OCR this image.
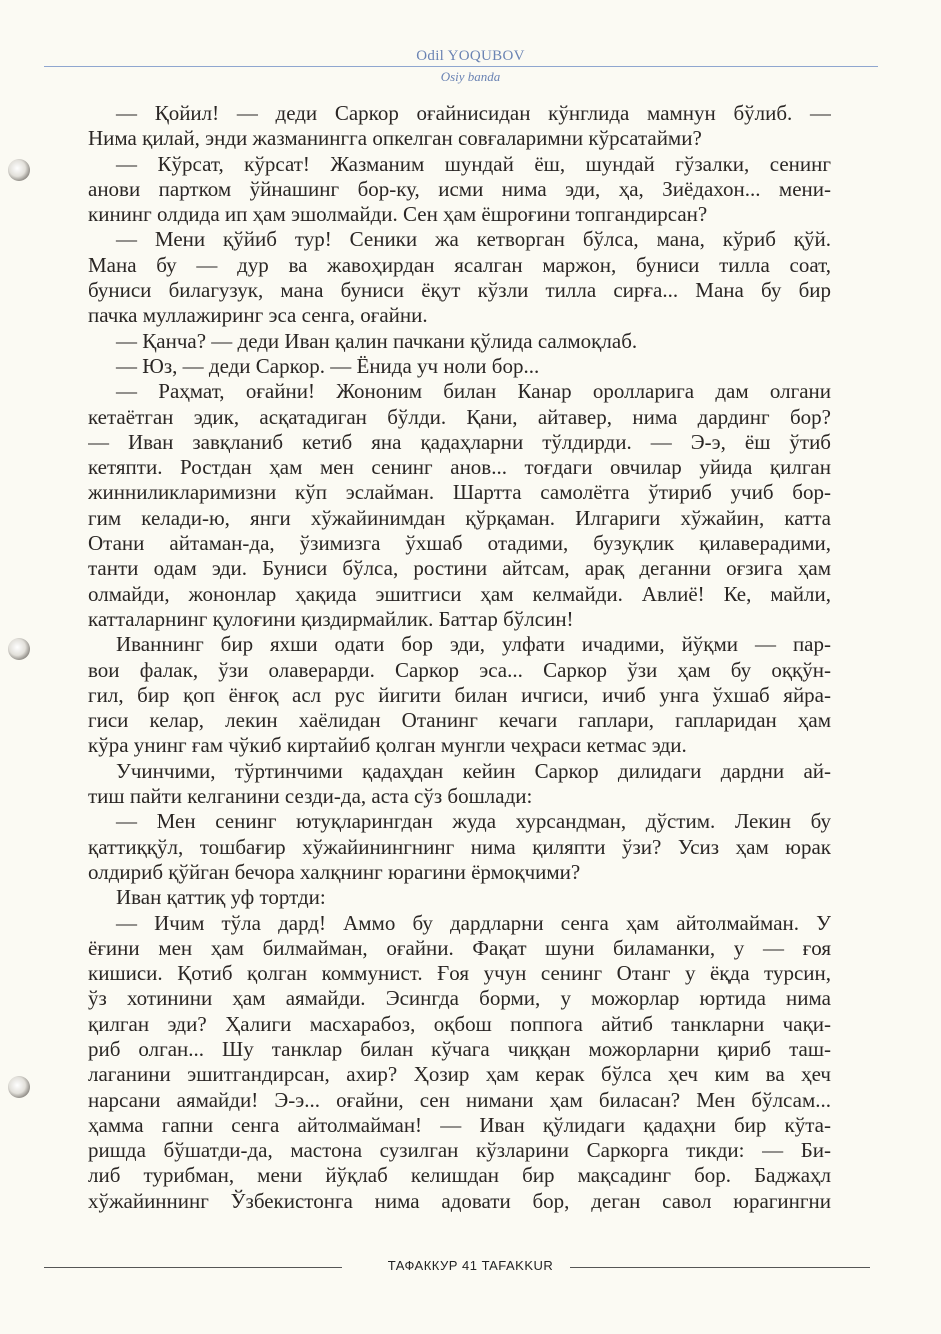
Odil YOQUBOV
Osiy banda

— Қойил! — деди Саркор оғайнисидан кўнглида мамнун бўлиб. —

Нима қилай, энди жазманингга опкелган совғаларимни кўрсатайми?

— Кўрсат, кўрсат! Жазманим шундай ёш, шундай гўзалки, сенинг

анови партком ўйнашинг бор-ку, исми нима эди, ҳа, Зиёдахон... мени-

кининг олдида ип ҳам эшолмайди. Сен ҳам ёшроғини топгандирсан?

— Мени қўйиб тур! Сеники жа кетворган бўлса, мана, кўриб қўй.

Мана бу — дур ва жавоҳирдан ясалган маржон, буниси тилла соат,

буниси билагузук, мана буниси ёқут кўзли тилла сирға... Мана бу бир

пачка муллажиринг эса сенга, оғайни.

— Қанча? — деди Иван қалин пачкани қўлида салмоқлаб.

— Юз, — деди Саркор. — Ёнида уч ноли бор...

— Раҳмат, оғайни! Жононим билан Канар оролларига дам олгани

кетаётган эдик, асқатадиган бўлди. Қани, айтавер, нима дардинг бор?

— Иван завқланиб кетиб яна қадаҳларни тўлдирди. — Э-э, ёш ўтиб

кетяпти. Ростдан ҳам мен сенинг анов... тоғдаги овчилар уйида қилган

жинниликларимизни кўп эслайман. Шартта самолётга ўтириб учиб бор-

гим келади-ю, янги хўжайинимдан қўрқаман. Илгариги хўжайин, катта

Отани айтаман-да, ўзимизга ўхшаб отадими, бузуқлик қилаверадими,

танти одам эди. Буниси бўлса, ростини айтсам, арақ деганни оғзига ҳам

олмайди, жононлар ҳақида эшитгиси ҳам келмайди. Авлиё! Ке, майли,

катталарнинг қулоғини қиздирмайлик. Баттар бўлсин!

Иваннинг бир яхши одати бор эди, улфати ичадими, йўқми — пар-

вои фалак, ўзи олаверарди. Саркор эса... Саркор ўзи ҳам бу оққўн-

гил, бир қоп ёнғоқ асл рус йигити билан ичгиси, ичиб унга ўхшаб яйра-

гиси келар, лекин хаёлидан Отанинг кечаги гаплари, гапларидан ҳам

кўра унинг ғам чўкиб киртайиб қолган мунгли чеҳраси кетмас эди.

Учинчими, тўртинчими қадаҳдан кейин Саркор дилидаги дардни ай-

тиш пайти келганини сезди-да, аста сўз бошлади:

— Мен сенинг ютуқларингдан жуда хурсандман, дўстим. Лекин бу

қаттиққўл, тошбағир хўжайинингнинг нима қиляпти ўзи? Усиз ҳам юрак

олдириб қўйган бечора халқнинг юрагини ёрмоқчими?

Иван қаттиқ уф тортди:

— Ичим тўла дард! Аммо бу дардларни сенга ҳам айтолмайман. У

ёғини мен ҳам билмайман, оғайни. Фақат шуни биламанки, у — ғоя

кишиси. Қотиб қолган коммунист. Ғоя учун сенинг Отанг у ёқда турсин,

ўз хотинини ҳам аямайди. Эсингда борми, у можорлар юртида нима

қилган эди? Ҳалиги масхарабоз, оқбош поппога айтиб танкларни чақи-

риб олган... Шу танклар билан кўчага чиққан можорларни қириб таш-

лаганини эшитгандирсан, ахир? Ҳозир ҳам керак бўлса ҳеч ким ва ҳеч

нарсани аямайди! Э-э... оғайни, сен нимани ҳам биласан? Мен бўлсам...

ҳамма гапни сенга айтолмайман! — Иван қўлидаги қадаҳни бир кўта-

ришда бўшатди-да, мастона сузилган кўзларини Саркорга тикди: — Би-

либ турибман, мени йўқлаб келишдан бир мақсадинг бор. Баджаҳл

хўжайиннинг Ўзбекистонга нима адовати бор, деган савол юрагингни

ТАФАККУР 41 TAFAKKUR
